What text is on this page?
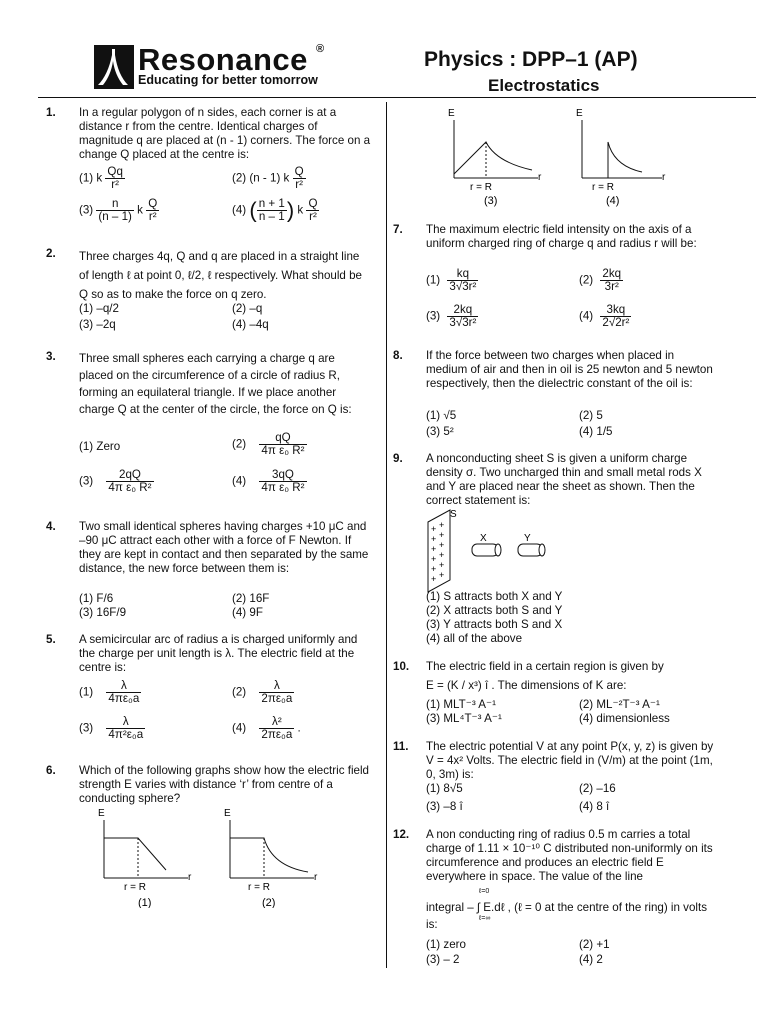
Resonance ®
Educating for better tomorrow
Physics : DPP–1 (AP)
Electrostatics
1. In a regular polygon of n sides, each corner is at a distance r from the centre. Identical charges of magnitude q are placed at (n - 1) corners. The force on a change Q placed at the centre is:
(1) k $\frac{Qq}{\text{r²}}$	(2) (n - 1) k $\frac{Q}{\text{r²}}$
$(3) \frac{n}{(n - 1)}$ k $\frac{Q}{\text{r²}}$	(4) ( $\frac{n + 1}{n - 1}$ ) k $\frac{Q}{\text{r²}}$
2. Three charges 4q, Q and q are placed in a straight line of length ℓ at point 0, ℓ/2, ℓ respectively. What should be Q so as to make the force on q zero.
(1) –q/2	(2) –q
(3) –2q	(4) –4q
3. Three small spheres each carrying a charge q are placed on the circumference of a circle of radius R, forming an equilateral triangle. If we place another charge Q at the center of the circle, the force on Q is:
(1) Zero	$(2) \frac{qQ}{\text{4π ε₀ R²}}$
$(3) \frac{2qQ}{\text{4π ε₀ R²}}$	$(4) \frac{3qQ}{\text{4π ε₀ R²}}$
4. Two small identical spheres having charges +10 μC and –90 μC attract each other with a force of F Newton. If they are kept in contact and then separated by the same distance, the new force between them is:
(1) F/6	(2) 16F
(3) 16F/9	(4) 9F
5. A semicircular arc of radius a is charged uniformly and the charge per unit length is λ. The electric field at the centre is:
$(1) \frac{\lambda}{\text{4πε₀a}}$	$(2) \frac{\lambda}{\text{2πε₀a}}$
$(3) \frac{\lambda}{\text{4π²ε₀a}}$	$(4) \frac{\text{λ²}}{\text{2πε₀a}}$ .
6. Which of the following graphs show how the electric field strength E varies with distance ‘r’ from centre of a conducting sphere?
E
r
r = R
(1)
E
r
r = R
(2)
E
r
r = R
(3)
E
r
r = R
(4)
7. The maximum electric field intensity on the axis of a uniform charged ring of charge q and radius r will be:
$(1) \frac{kq}{\text{3√3r²}}$	$(2) \frac{2kq}{\text{3r²}}$
$(3) \frac{2kq}{\text{3√3r²}}$	$(4) \frac{3kq}{\text{2√2r²}}$
8. If the force between two charges when placed in medium of air and then in oil is 25 newton and 5 newton respectively, then the dielectric constant of the oil is:
(1) √5	(2) 5
(3) 5²	(4) 1/5
9. A nonconducting sheet S is given a uniform charge density σ. Two uncharged thin and small metal rods X and Y are placed near the sheet as shown. Then the correct statement is:
S
+ +
+ +
+ +
+ +
+ +
+ +
X	Y
(1) S attracts both X and Y
(2) X attracts both S and Y
(3) Y attracts both S and X
(4) all of the above
10. The electric field in a certain region is given by
E = (K / x³) î . The dimensions of K are:
(1) MLT⁻³ A⁻¹	(2) ML⁻²T⁻³ A⁻¹
(3) ML⁴T⁻³ A⁻¹	(4) dimensionless
11. The electric potential V at any point P(x, y, z) is given by V = 4x² Volts. The electric field in (V/m) at the point (1m, 0, 3m) is:
(1) 8√5	(2) –16
(3) –8 î	(4) 8 î
12. A non conducting ring of radius 0.5 m carries a total charge of 1.11 × 10⁻¹⁰ C distributed non-uniformly on its circumference and produces an electric field E everywhere in space. The value of the line
ℓ=0
ℓ=∞
integral – ∫ E.dℓ , (ℓ = 0 at the centre of the ring) in volts is:
(1) zero	(2) +1
(3) – 2	(4) 2
